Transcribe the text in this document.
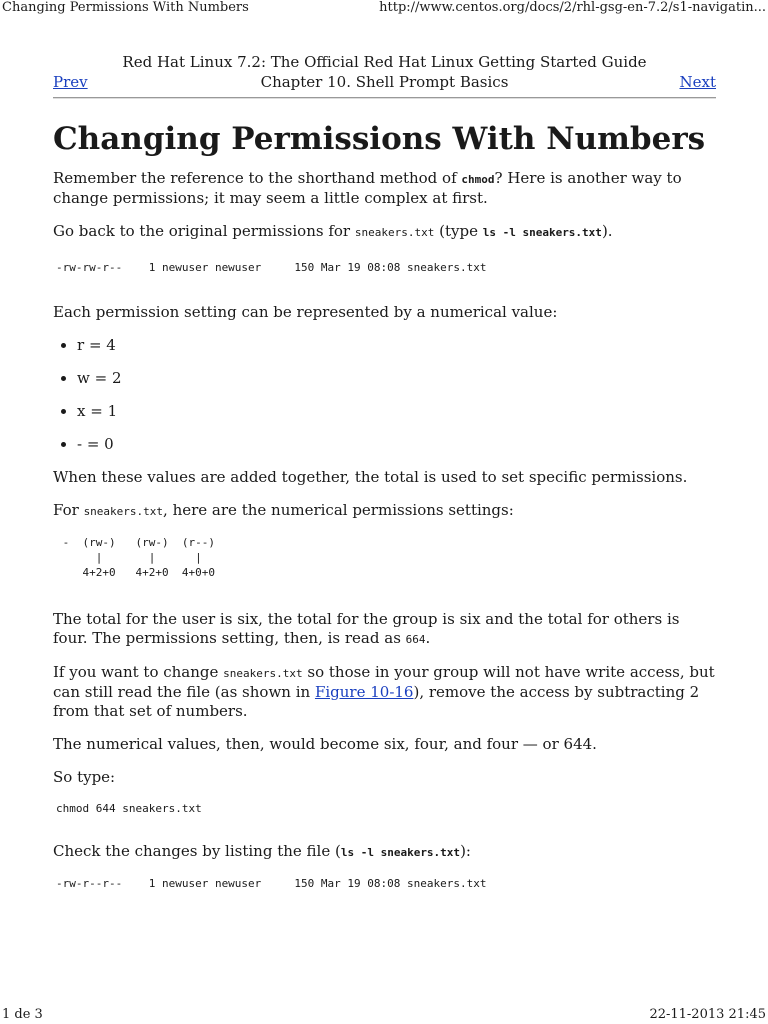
Changing Permissions With Numbers	http://www.centos.org/docs/2/rhl-gsg-en-7.2/s1-navigatin...
Red Hat Linux 7.2: The Official Red Hat Linux Getting Started Guide
Chapter 10. Shell Prompt Basics
Prev	Next
Changing Permissions With Numbers

Remember the reference to the shorthand method of chmod? Here is another way to change permissions; it may seem a little complex at first.

Go back to the original permissions for sneakers.txt (type ls -l sneakers.txt).

-rw-rw-r--    1 newuser newuser     150 Mar 19 08:08 sneakers.txt

Each permission setting can be represented by a numerical value:

• r = 4
• w = 2
• x = 1
• - = 0

When these values are added together, the total is used to set specific permissions.

For sneakers.txt, here are the numerical permissions settings:

-  (rw-)   (rw-)  (r--)
|       |      |
4+2+0   4+2+0  4+0+0

The total for the user is six, the total for the group is six and the total for others is four. The permissions setting, then, is read as 664.

If you want to change sneakers.txt so those in your group will not have write access, but can still read the file (as shown in Figure 10-16), remove the access by subtracting 2 from that set of numbers.

The numerical values, then, would become six, four, and four — or 644.

So type:

chmod 644 sneakers.txt

Check the changes by listing the file (ls -l sneakers.txt):

-rw-r--r--    1 newuser newuser     150 Mar 19 08:08 sneakers.txt
1 de 3	22-11-2013 21:45
